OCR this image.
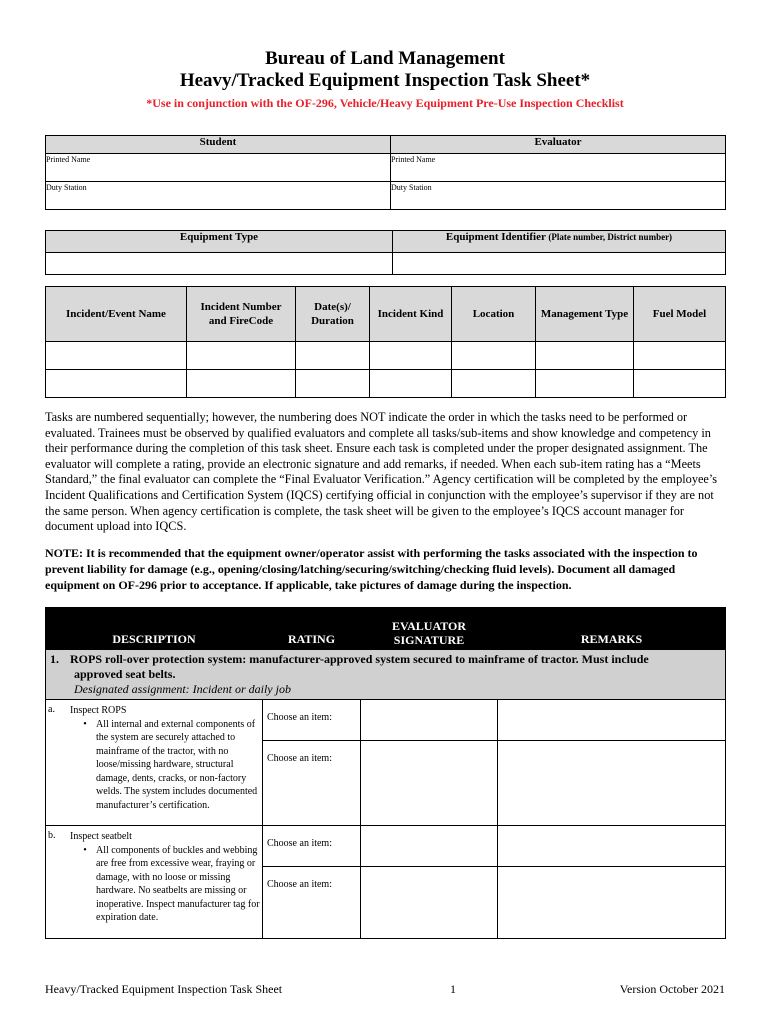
Bureau of Land Management
Heavy/Tracked Equipment Inspection Task Sheet*
*Use in conjunction with the OF-296, Vehicle/Heavy Equipment Pre-Use Inspection Checklist
Student	Evaluator
Printed Name	Printed Name
Duty Station	Duty Station
Equipment Type	Equipment Identifier (Plate number, District number)

Incident/Event Name	Incident Number and FireCode	Date(s)/ Duration	Incident Kind	Location	Management Type	Fuel Model

Tasks are numbered sequentially; however, the numbering does NOT indicate the order in which the tasks need to be performed or evaluated. Trainees must be observed by qualified evaluators and complete all tasks/sub-items and show knowledge and competency in their performance during the completion of this task sheet. Ensure each task is completed under the proper designated assignment. The evaluator will complete a rating, provide an electronic signature and add remarks, if needed. When each sub-item rating has a “Meets Standard,” the final evaluator can complete the “Final Evaluator Verification.” Agency certification will be completed by the employee’s Incident Qualifications and Certification System (IQCS) certifying official in conjunction with the employee’s supervisor if they are not the same person. When agency certification is complete, the task sheet will be given to the employee’s IQCS account manager for document upload into IQCS.
NOTE: It is recommended that the equipment owner/operator assist with performing the tasks associated with the inspection to prevent liability for damage (e.g., opening/closing/latching/securing/switching/checking fluid levels). Document all damaged equipment on OF-296 prior to acceptance. If applicable, take pictures of damage during the inspection.
DESCRIPTION	RATING	EVALUATOR
SIGNATURE	REMARKS
1. ROPS roll-over protection system: manufacturer-approved system secured to mainframe of tractor. Must include
approved seat belts.
Designated assignment: Incident or daily job			

a. Inspect ROPS
• All internal and external components of the system are securely attached to mainframe of the tractor, with no loose/missing hardware, structural damage, dents, cracks, or non-factory welds. The system includes documented manufacturer’s certification.	Choose an item:		
	Choose an item:		

b. Inspect seatbelt
• All components of buckles and webbing are free from excessive wear, fraying or damage, with no loose or missing hardware. No seatbelts are missing or inoperative. Inspect manufacturer tag for expiration date.	Choose an item:		
	Choose an item:		
Heavy/Tracked Equipment Inspection Task Sheet	1	Version October 2021
